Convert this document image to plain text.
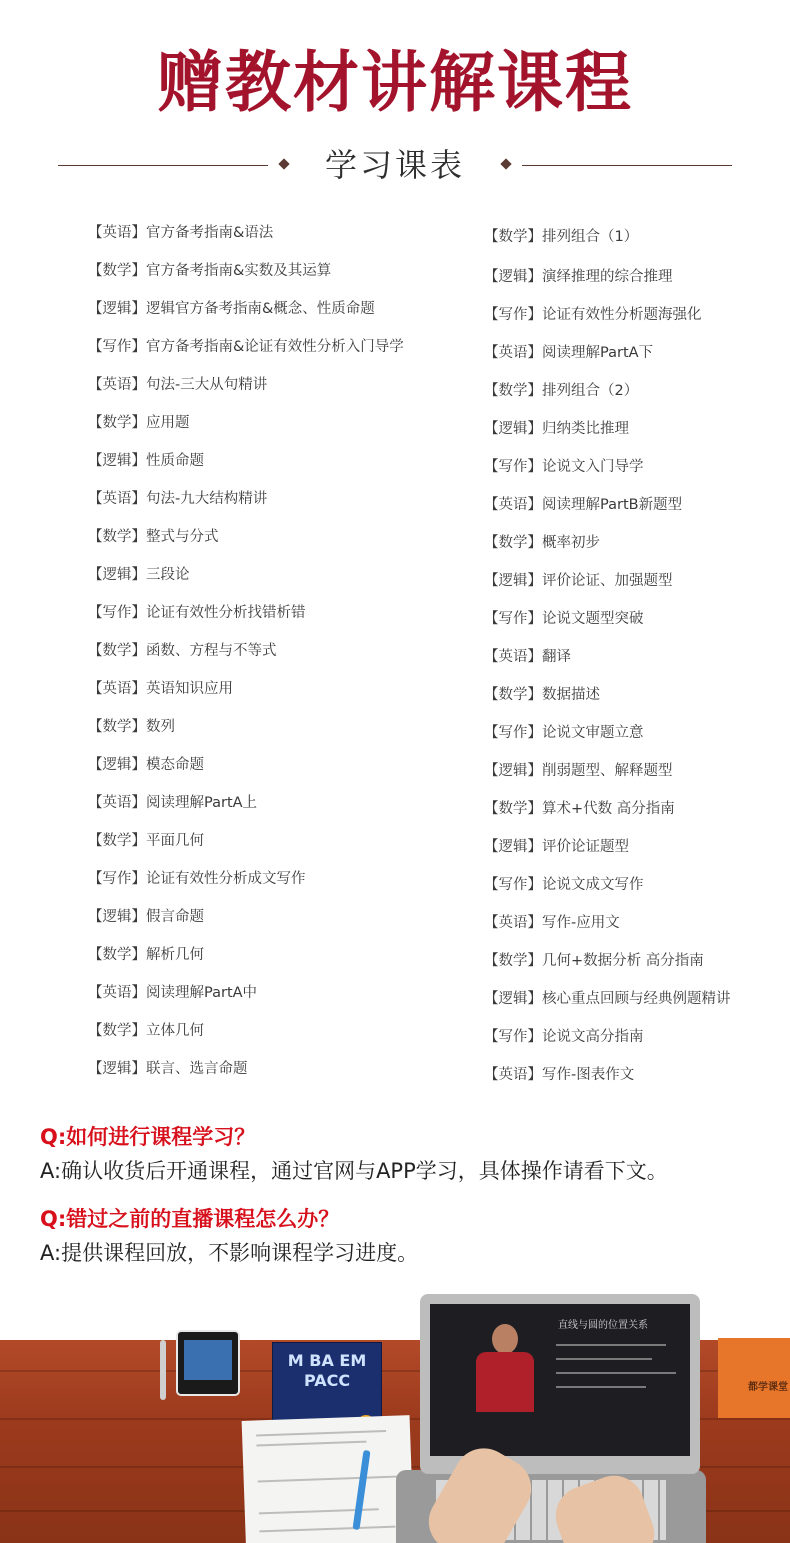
赠教材讲解课程
学习课表
【英语】官方备考指南&语法
【数学】官方备考指南&实数及其运算
【逻辑】逻辑官方备考指南&概念、性质命题
【写作】官方备考指南&论证有效性分析入门导学
【英语】句法-三大从句精讲
【数学】应用题
【逻辑】性质命题
【英语】句法-九大结构精讲
【数学】整式与分式
【逻辑】三段论
【写作】论证有效性分析找错析错
【数学】函数、方程与不等式
【英语】英语知识应用
【数学】数列
【逻辑】模态命题
【英语】阅读理解PartA上
【数学】平面几何
【写作】论证有效性分析成文写作
【逻辑】假言命题
【数学】解析几何
【英语】阅读理解PartA中
【数学】立体几何
【逻辑】联言、选言命题
【数学】排列组合（1）
【逻辑】演绎推理的综合推理
【写作】论证有效性分析题海强化
【英语】阅读理解PartA下
【数学】排列组合（2）
【逻辑】归纳类比推理
【写作】论说文入门导学
【英语】阅读理解PartB新题型
【数学】概率初步
【逻辑】评价论证、加强题型
【写作】论说文题型突破
【英语】翻译
【数学】数据描述
【写作】论说文审题立意
【逻辑】削弱题型、解释题型
【数学】算术+代数 高分指南
【逻辑】评价论证题型
【写作】论说文成文写作
【英语】写作-应用文
【数学】几何+数据分析 高分指南
【逻辑】核心重点回顾与经典例题精讲
【写作】论说文高分指南
【英语】写作-图表作文
Q:如何进行课程学习？
A:确认收货后开通课程，通过官网与APP学习，具体操作请看下文。
Q:错过之前的直播课程怎么办？
A:提供课程回放，不影响课程学习进度。
M BA EM PACC
直线与圆的位置关系
都学课堂
